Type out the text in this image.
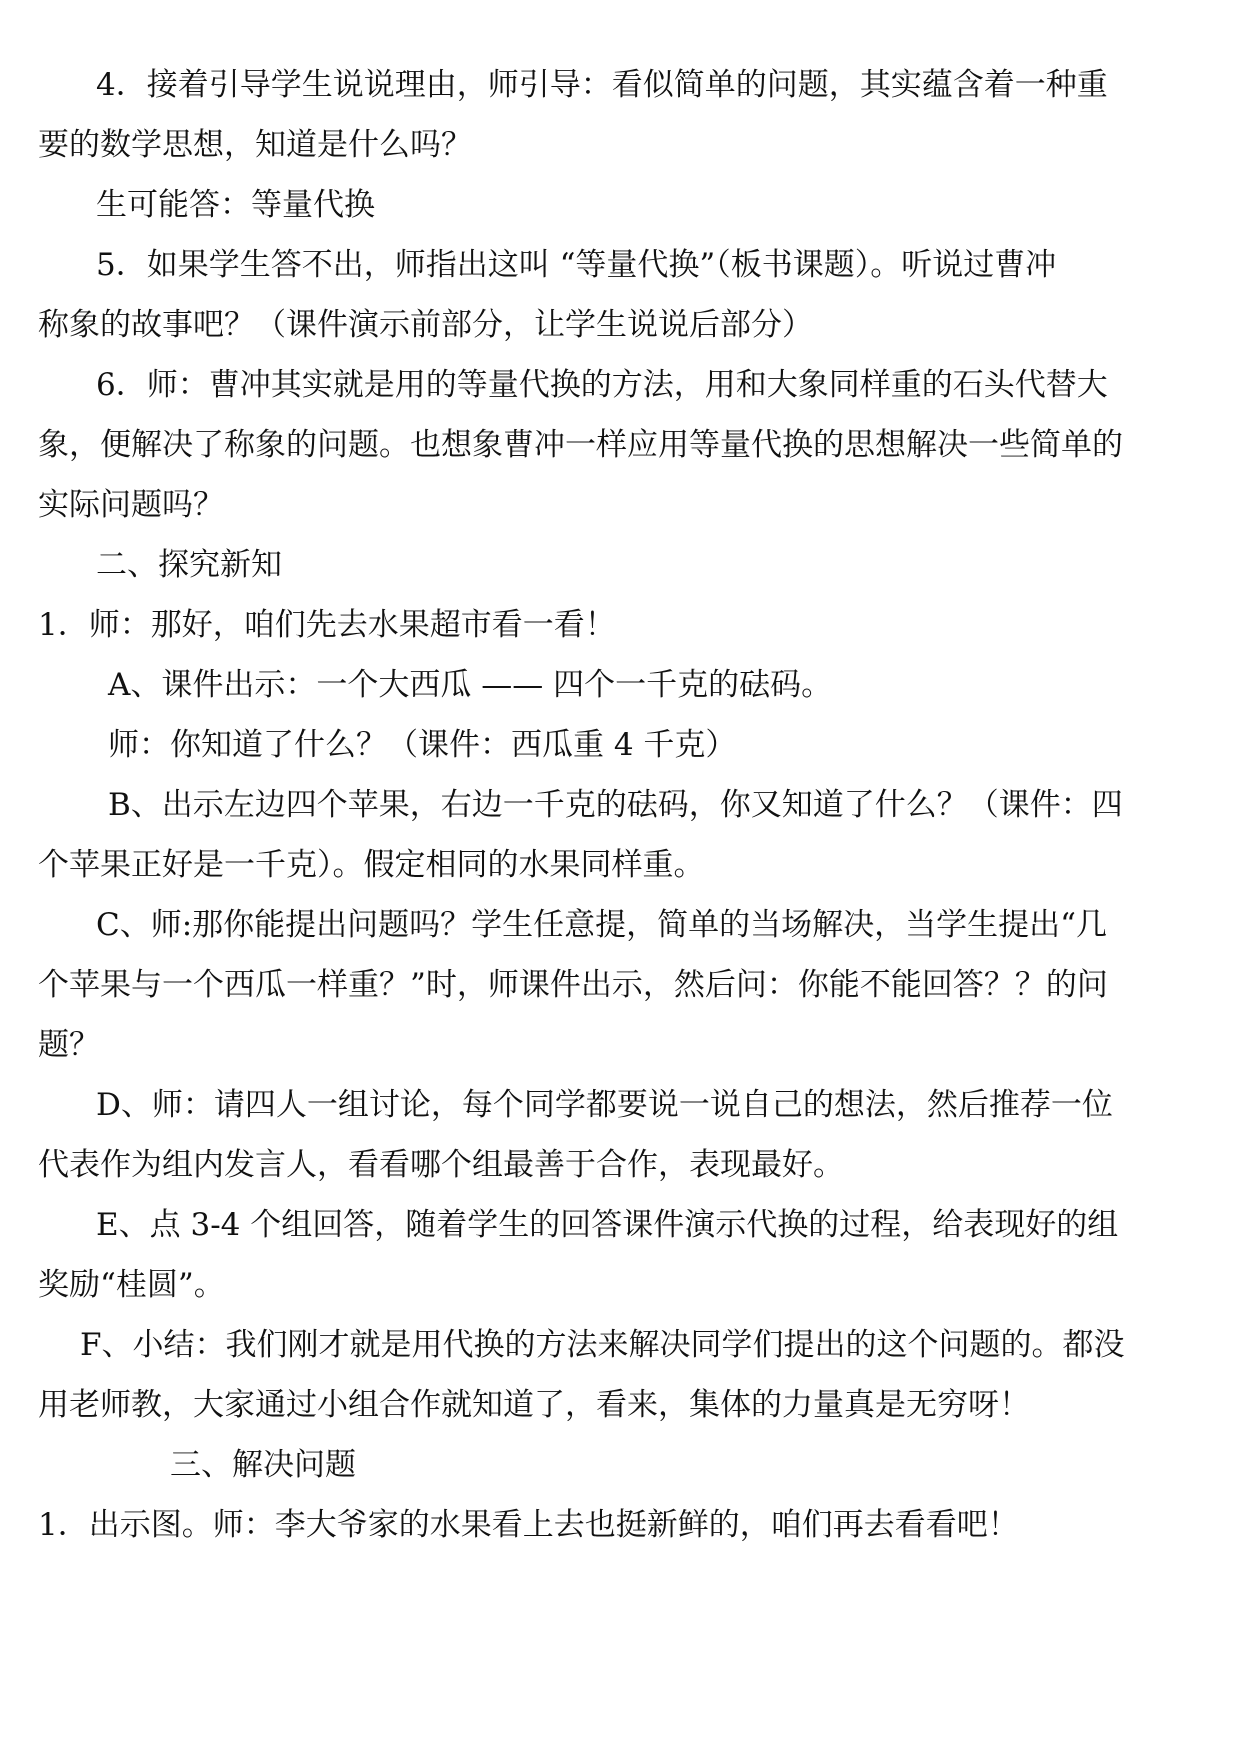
4．接着引导学生说说理由，师引导：看似简单的问题，其实蕴含着一种重

要的数学思想，知道是什么吗？

生可能答：等量代换

5．如果学生答不出，师指出这叫 “等量代换”（板书课题）。听说过曹冲

称象的故事吧？（课件演示前部分，让学生说说后部分）

6．师：曹冲其实就是用的等量代换的方法，用和大象同样重的石头代替大

象，便解决了称象的问题。也想象曹冲一样应用等量代换的思想解决一些简单的

实际问题吗？

二、探究新知

1．师：那好，咱们先去水果超市看一看！

A、课件出示：一个大西瓜 —— 四个一千克的砝码。

师：你知道了什么？（课件：西瓜重 4 千克）

B、出示左边四个苹果，右边一千克的砝码，你又知道了什么？（课件：四

个苹果正好是一千克）。假定相同的水果同样重。

C、师:那你能提出问题吗？学生任意提，简单的当场解决，当学生提出“几

个苹果与一个西瓜一样重？”时，师课件出示，然后问：你能不能回答？？的问

题？

D、师：请四人一组讨论，每个同学都要说一说自己的想法，然后推荐一位

代表作为组内发言人，看看哪个组最善于合作，表现最好。

E、点 3-4 个组回答，随着学生的回答课件演示代换的过程，给表现好的组

奖励“桂圆”。

F、小结：我们刚才就是用代换的方法来解决同学们提出的这个问题的。都没

用老师教，大家通过小组合作就知道了，看来，集体的力量真是无穷呀！

三、解决问题

1．出示图。师：李大爷家的水果看上去也挺新鲜的，咱们再去看看吧！
